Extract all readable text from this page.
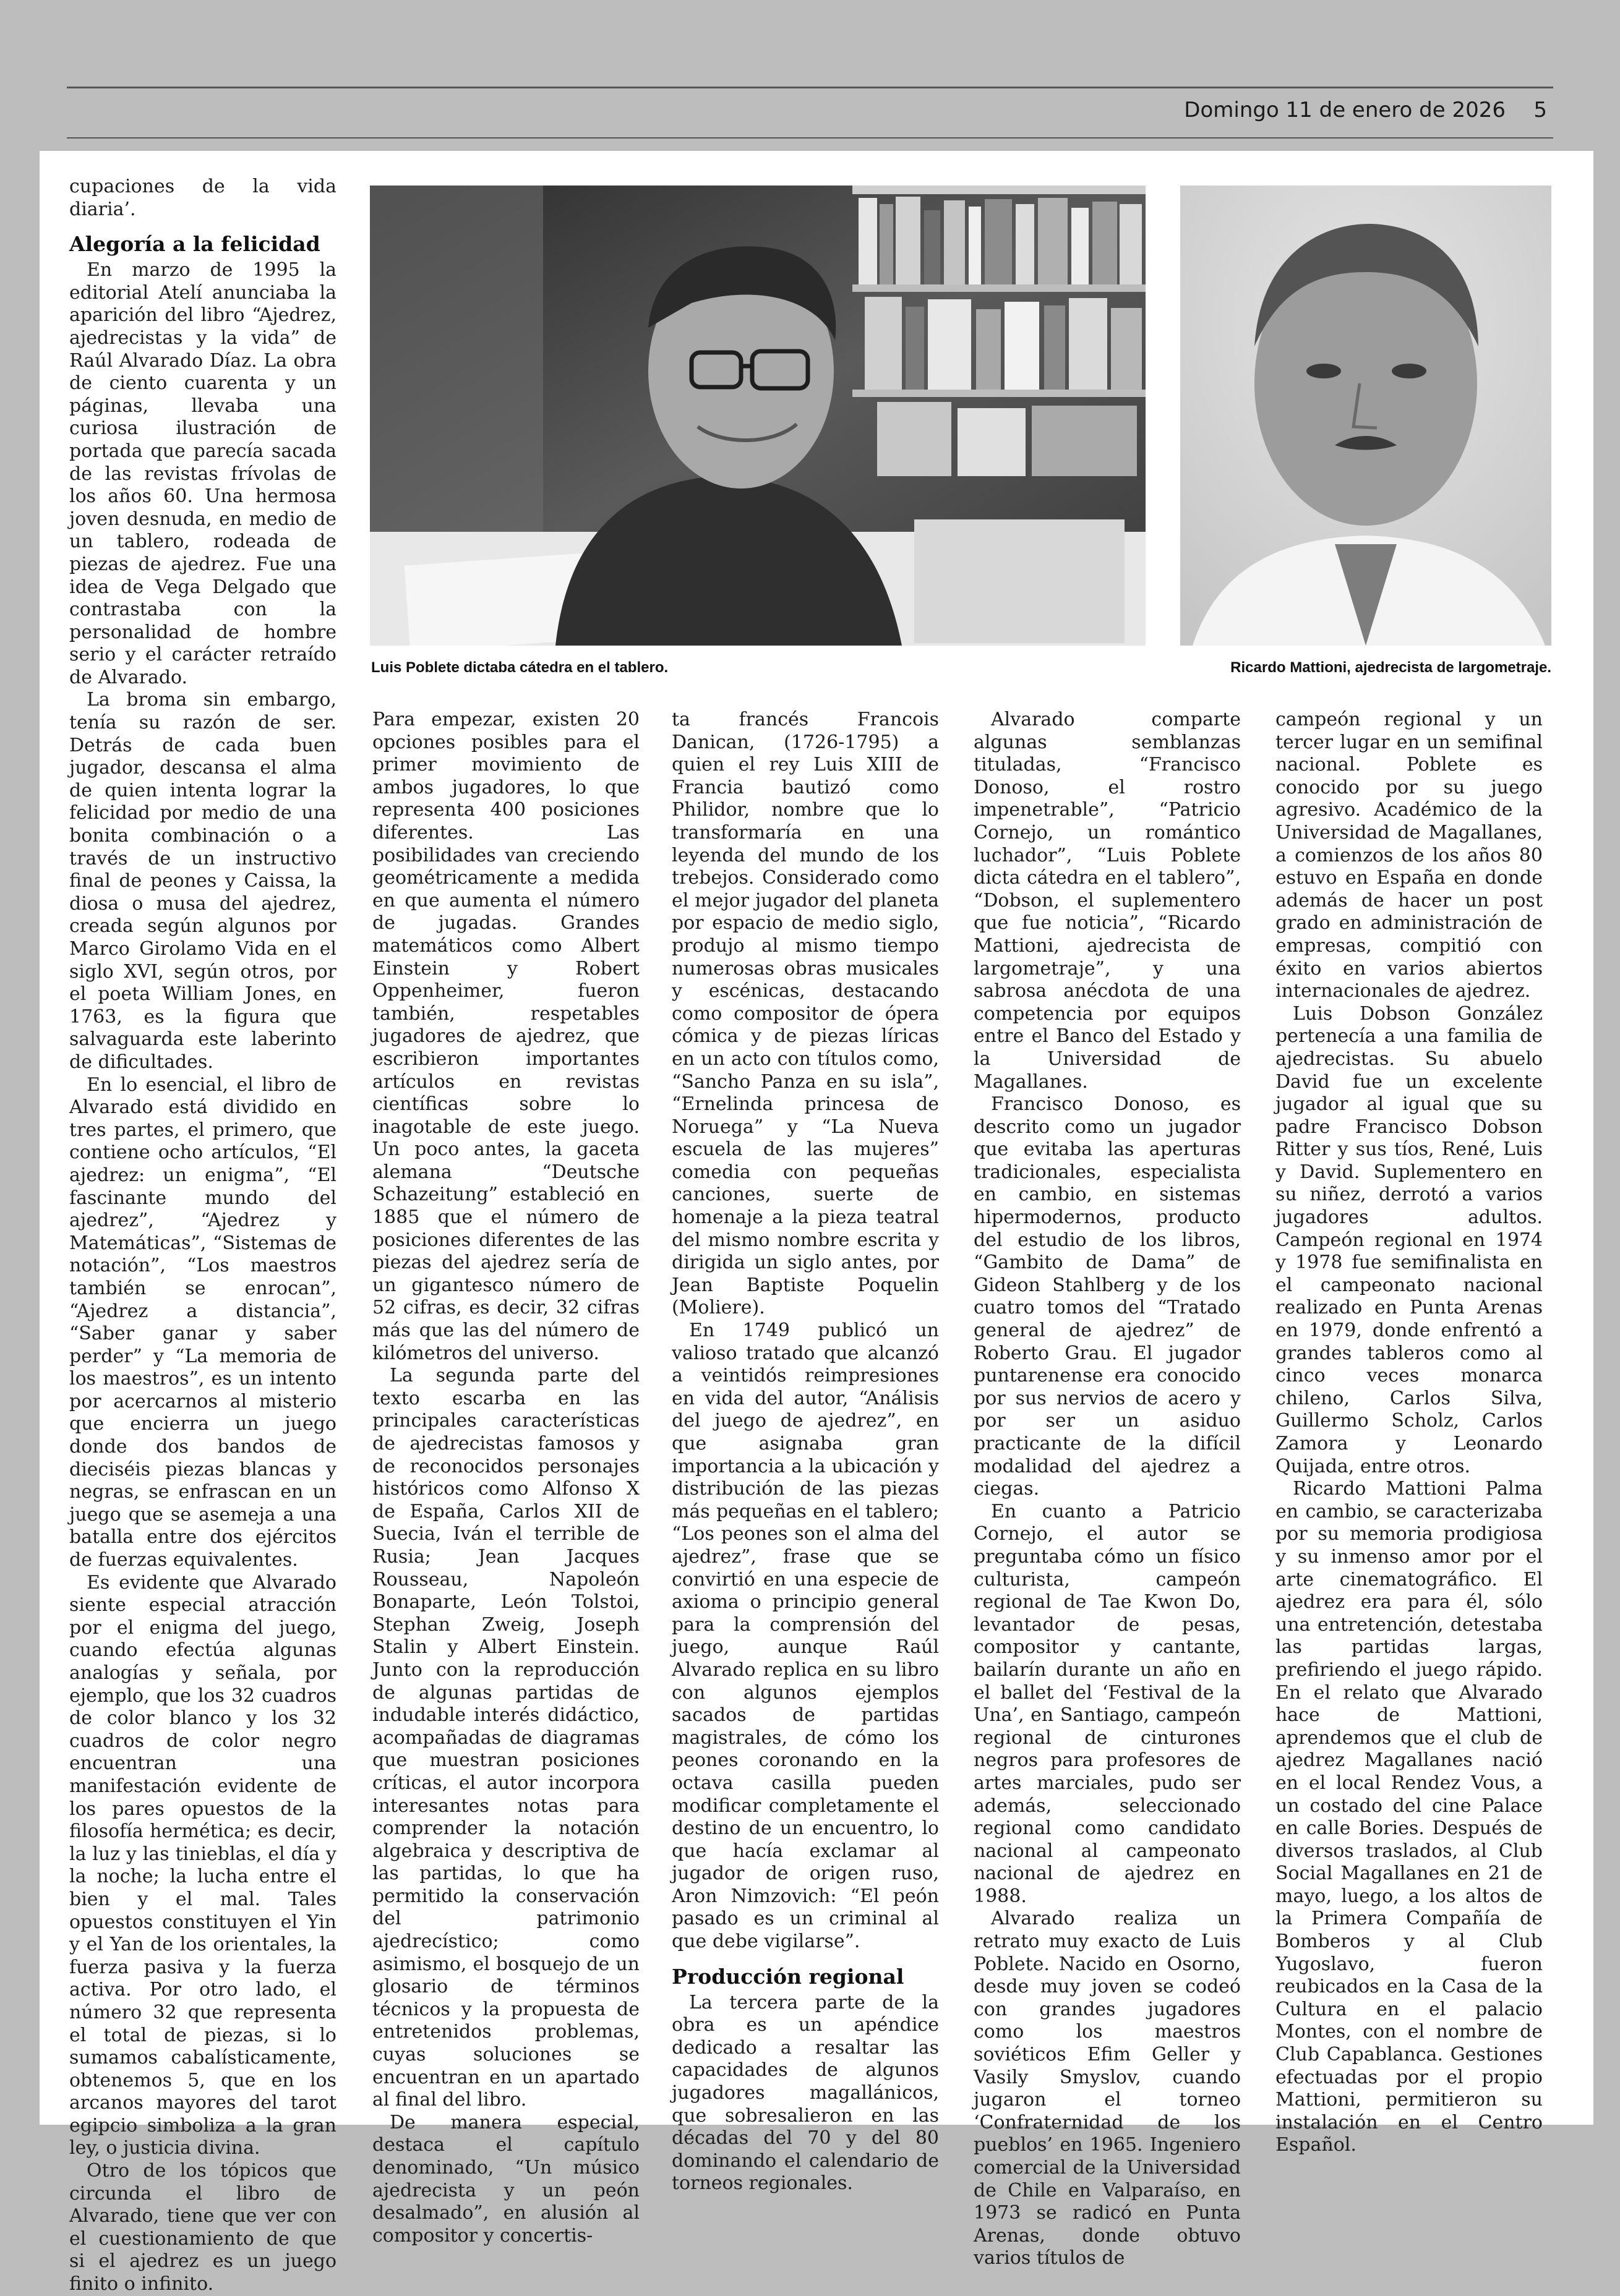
Domingo 11 de enero de 2026 5
Luis Poblete dictaba cátedra en el tablero.	Ricardo Mattioni, ajedrecista de largometraje.

cupaciones de la vida diaria’.

Alegoría a la felicidad

En marzo de 1995 la editorial Atelí anunciaba la aparición del libro “Ajedrez, ajedrecistas y la vida” de Raúl Alvarado Díaz. La obra de ciento cuarenta y un páginas, llevaba una curiosa ilustración de portada que parecía sacada de las revistas frívolas de los años 60. Una hermosa joven desnuda, en medio de un tablero, rodeada de piezas de ajedrez. Fue una idea de Vega Delgado que contrastaba con la personalidad de hombre serio y el carácter retraído de Alvarado.

La broma sin embargo, tenía su razón de ser. Detrás de cada buen jugador, descansa el alma de quien intenta lograr la felicidad por medio de una bonita combinación o a través de un instructivo final de peones y Caissa, la diosa o musa del ajedrez, creada según algunos por Marco Girolamo Vida en el siglo XVI, según otros, por el poeta William Jones, en 1763, es la figura que salvaguarda este laberinto de dificultades.

En lo esencial, el libro de Alvarado está dividido en tres partes, el primero, que contiene ocho artículos, “El ajedrez: un enigma”, “El fascinante mundo del ajedrez”, “Ajedrez y Matemáticas”, “Sistemas de notación”, “Los maestros también se enrocan”, “Ajedrez a distancia”, “Saber ganar y saber perder” y “La memoria de los maestros”, es un intento por acercarnos al misterio que encierra un juego donde dos bandos de dieciséis piezas blancas y negras, se enfrascan en un juego que se asemeja a una batalla entre dos ejércitos de fuerzas equivalentes.

Es evidente que Alvarado siente especial atracción por el enigma del juego, cuando efectúa algunas analogías y señala, por ejemplo, que los 32 cuadros de color blanco y los 32 cuadros de color negro encuentran una manifestación evidente de los pares opuestos de la filosofía hermética; es decir, la luz y las tinieblas, el día y la noche; la lucha entre el bien y el mal. Tales opuestos constituyen el Yin y el Yan de los orientales, la fuerza pasiva y la fuerza activa. Por otro lado, el número 32 que representa el total de piezas, si lo sumamos cabalísticamente, obtenemos 5, que en los arcanos mayores del tarot egipcio simboliza a la gran ley, o justicia divina.

Otro de los tópicos que circunda el libro de Alvarado, tiene que ver con el cuestionamiento de que si el ajedrez es un juego finito o infinito.

Para empezar, existen 20 opciones posibles para el primer movimiento de ambos jugadores, lo que representa 400 posiciones diferentes. Las posibilidades van creciendo geométricamente a medida en que aumenta el número de jugadas. Grandes matemáticos como Albert Einstein y Robert Oppenheimer, fueron también, respetables jugadores de ajedrez, que escribieron importantes artículos en revistas científicas sobre lo inagotable de este juego. Un poco antes, la gaceta alemana “Deutsche Schazeitung” estableció en 1885 que el número de posiciones diferentes de las piezas del ajedrez sería de un gigantesco número de 52 cifras, es decir, 32 cifras más que las del número de kilómetros del universo.

La segunda parte del texto escarba en las principales características de ajedrecistas famosos y de reconocidos personajes históricos como Alfonso X de España, Carlos XII de Suecia, Iván el terrible de Rusia; Jean Jacques Rousseau, Napoleón Bonaparte, León Tolstoi, Stephan Zweig, Joseph Stalin y Albert Einstein. Junto con la reproducción de algunas partidas de indudable interés didáctico, acompañadas de diagramas que muestran posiciones críticas, el autor incorpora interesantes notas para comprender la notación algebraica y descriptiva de las partidas, lo que ha permitido la conservación del patrimonio ajedrecístico; como asimismo, el bosquejo de un glosario de términos técnicos y la propuesta de entretenidos problemas, cuyas soluciones se encuentran en un apartado al final del libro.

De manera especial, destaca el capítulo denominado, “Un músico ajedrecista y un peón desalmado”, en alusión al compositor y concertis-

ta francés Francois Danican, (1726-1795) a quien el rey Luis XIII de Francia bautizó como Philidor, nombre que lo transformaría en una leyenda del mundo de los trebejos. Considerado como el mejor jugador del planeta por espacio de medio siglo, produjo al mismo tiempo numerosas obras musicales y escénicas, destacando como compositor de ópera cómica y de piezas líricas en un acto con títulos como, “Sancho Panza en su isla”, “Ernelinda princesa de Noruega” y “La Nueva escuela de las mujeres” comedia con pequeñas canciones, suerte de homenaje a la pieza teatral del mismo nombre escrita y dirigida un siglo antes, por Jean Baptiste Poquelin (Moliere).

En 1749 publicó un valioso tratado que alcanzó a veintidós reimpresiones en vida del autor, “Análisis del juego de ajedrez”, en que asignaba gran importancia a la ubicación y distribución de las piezas más pequeñas en el tablero; “Los peones son el alma del ajedrez”, frase que se convirtió en una especie de axioma o principio general para la comprensión del juego, aunque Raúl Alvarado replica en su libro con algunos ejemplos sacados de partidas magistrales, de cómo los peones coronando en la octava casilla pueden modificar completamente el destino de un encuentro, lo que hacía exclamar al jugador de origen ruso, Aron Nimzovich: “El peón pasado es un criminal al que debe vigilarse”.

Producción regional

La tercera parte de la obra es un apéndice dedicado a resaltar las capacidades de algunos jugadores magallánicos, que sobresalieron en las décadas del 70 y del 80 dominando el calendario de torneos regionales.

Alvarado comparte algunas semblanzas tituladas, “Francisco Donoso, el rostro impenetrable”, “Patricio Cornejo, un romántico luchador”, “Luis Poblete dicta cátedra en el tablero”, “Dobson, el suplementero que fue noticia”, “Ricardo Mattioni, ajedrecista de largometraje”, y una sabrosa anécdota de una competencia por equipos entre el Banco del Estado y la Universidad de Magallanes.

Francisco Donoso, es descrito como un jugador que evitaba las aperturas tradicionales, especialista en cambio, en sistemas hipermodernos, producto del estudio de los libros, “Gambito de Dama” de Gideon Stahlberg y de los cuatro tomos del “Tratado general de ajedrez” de Roberto Grau. El jugador puntarenense era conocido por sus nervios de acero y por ser un asiduo practicante de la difícil modalidad del ajedrez a ciegas.

En cuanto a Patricio Cornejo, el autor se preguntaba cómo un físico culturista, campeón regional de Tae Kwon Do, levantador de pesas, compositor y cantante, bailarín durante un año en el ballet del ‘Festival de la Una’, en Santiago, campeón regional de cinturones negros para profesores de artes marciales, pudo ser además, seleccionado regional como candidato nacional al campeonato nacional de ajedrez en 1988.

Alvarado realiza un retrato muy exacto de Luis Poblete. Nacido en Osorno, desde muy joven se codeó con grandes jugadores como los maestros soviéticos Efim Geller y Vasily Smyslov, cuando jugaron el torneo ‘Confraternidad de los pueblos’ en 1965. Ingeniero comercial de la Universidad de Chile en Valparaíso, en 1973 se radicó en Punta Arenas, donde obtuvo varios títulos de

campeón regional y un tercer lugar en un semifinal nacional. Poblete es conocido por su juego agresivo. Académico de la Universidad de Magallanes, a comienzos de los años 80 estuvo en España en donde además de hacer un post grado en administración de empresas, compitió con éxito en varios abiertos internacionales de ajedrez.

Luis Dobson González pertenecía a una familia de ajedrecistas. Su abuelo David fue un excelente jugador al igual que su padre Francisco Dobson Ritter y sus tíos, René, Luis y David. Suplementero en su niñez, derrotó a varios jugadores adultos. Campeón regional en 1974 y 1978 fue semifinalista en el campeonato nacional realizado en Punta Arenas en 1979, donde enfrentó a grandes tableros como al cinco veces monarca chileno, Carlos Silva, Guillermo Scholz, Carlos Zamora y Leonardo Quijada, entre otros.

Ricardo Mattioni Palma en cambio, se caracterizaba por su memoria prodigiosa y su inmenso amor por el arte cinematográfico. El ajedrez era para él, sólo una entretención, detestaba las partidas largas, prefiriendo el juego rápido. En el relato que Alvarado hace de Mattioni, aprendemos que el club de ajedrez Magallanes nació en el local Rendez Vous, a un costado del cine Palace en calle Bories. Después de diversos traslados, al Club Social Magallanes en 21 de mayo, luego, a los altos de la Primera Compañía de Bomberos y al Club Yugoslavo, fueron reubicados en la Casa de la Cultura en el palacio Montes, con el nombre de Club Capablanca. Gestiones efectuadas por el propio Mattioni, permitieron su instalación en el Centro Español.
